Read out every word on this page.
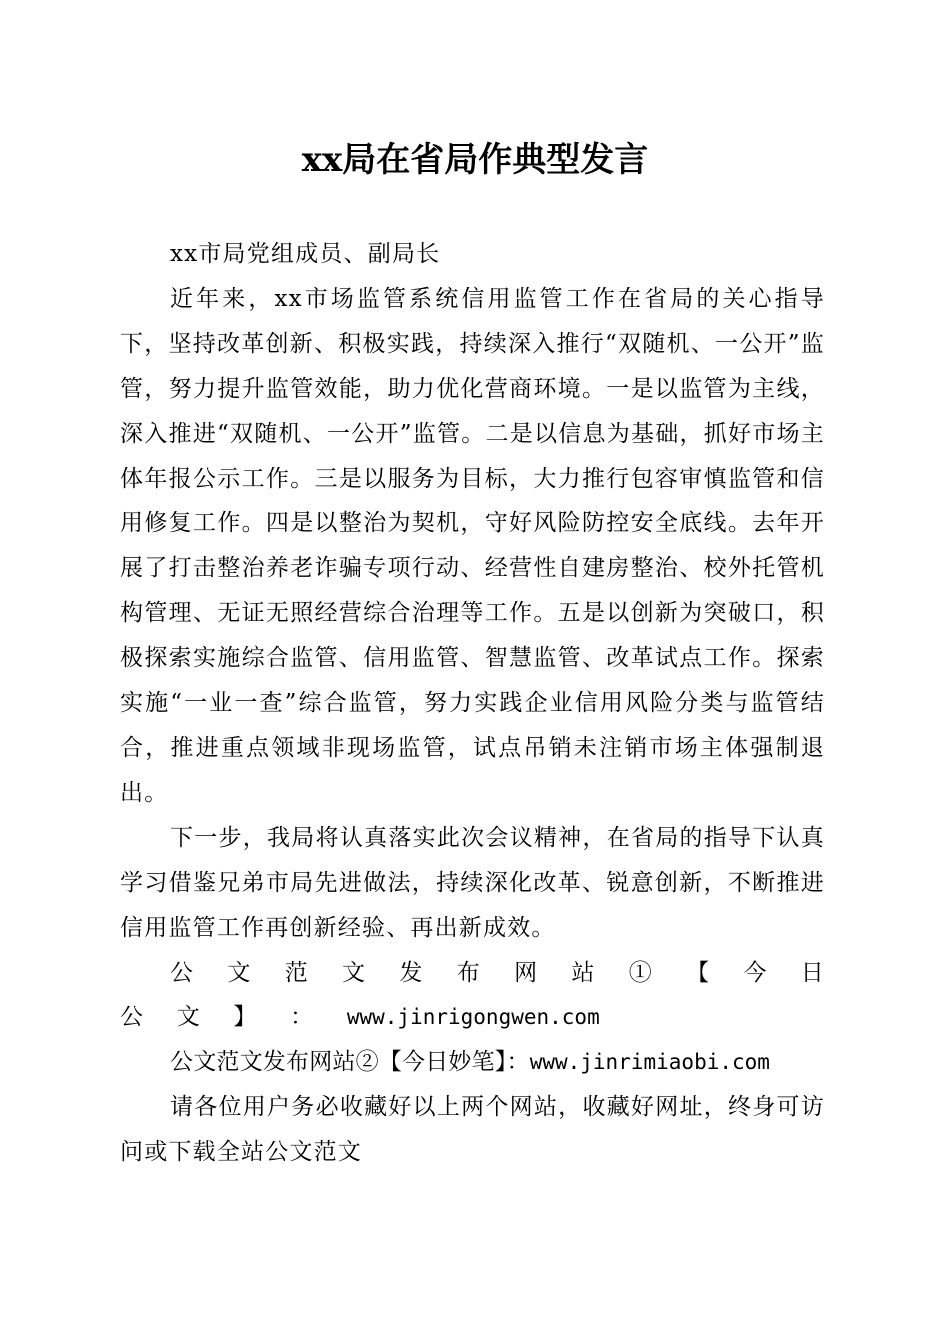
xx局在省局作典型发言

xx市局党组成员、副局长

近年来，xx市场监管系统信用监管工作在省局的关心指导下，坚持改革创新、积极实践，持续深入推行“双随机、一公开”监管，努力提升监管效能，助力优化营商环境。一是以监管为主线，深入推进“双随机、一公开”监管。二是以信息为基础，抓好市场主体年报公示工作。三是以服务为目标，大力推行包容审慎监管和信用修复工作。四是以整治为契机，守好风险防控安全底线。去年开展了打击整治养老诈骗专项行动、经营性自建房整治、校外托管机构管理、无证无照经营综合治理等工作。五是以创新为突破口，积极探索实施综合监管、信用监管、智慧监管、改革试点工作。探索实施“一业一查”综合监管，努力实践企业信用风险分类与监管结合，推进重点领域非现场监管，试点吊销未注销市场主体强制退出。

下一步，我局将认真落实此次会议精神，在省局的指导下认真学习借鉴兄弟市局先进做法，持续深化改革、锐意创新，不断推进信用监管工作再创新经验、再出新成效。

公 文 范 文 发 布 网 站 ① 【 今 日 公 文 】 ： www.jinrigongwen.com

公文范文发布网站②【今日妙笔】：www.jinrimiaobi.com

请各位用户务必收藏好以上两个网站，收藏好网址，终身可访问或下载全站公文范文
